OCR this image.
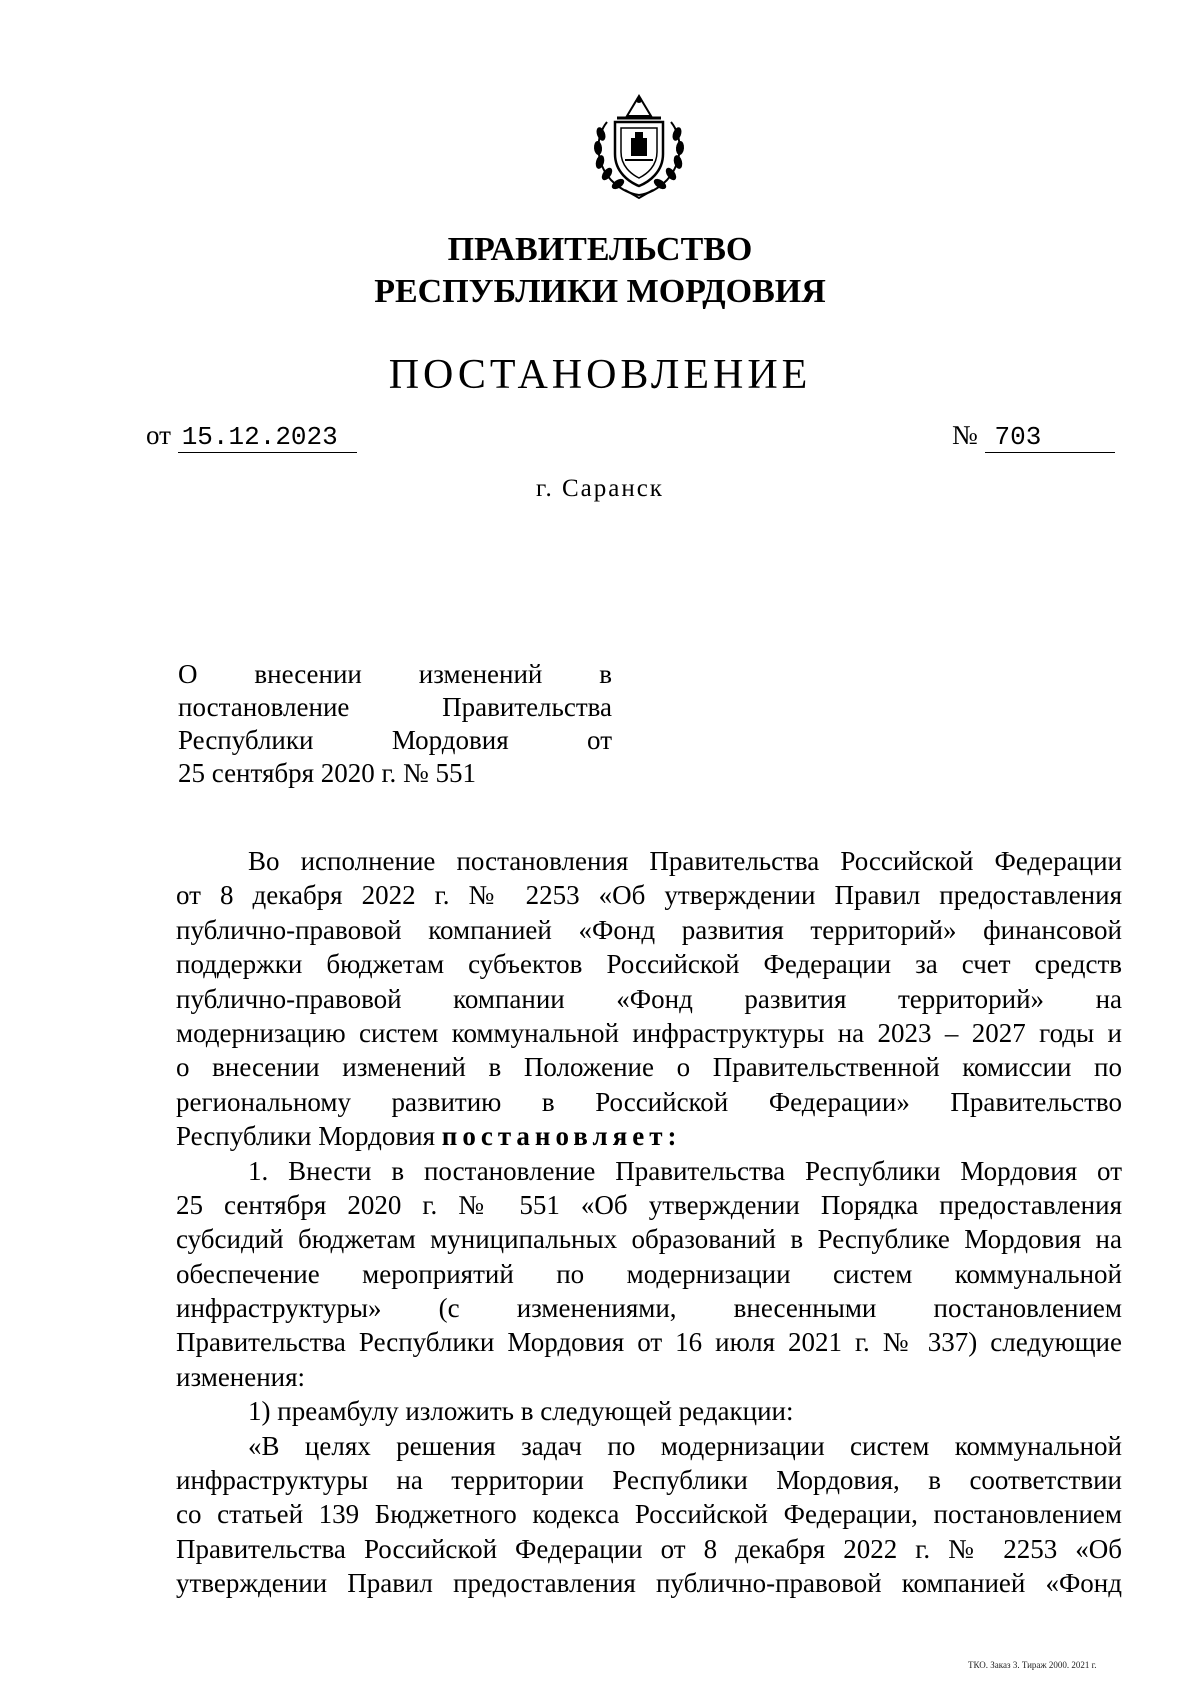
ПРАВИТЕЛЬСТВО
РЕСПУБЛИКИ МОРДОВИЯ
ПОСТАНОВЛЕНИЕ
от 15.12.2023	№ 703
г. Саранск
О внесении изменений в
постановление Правительства
Республики Мордовия от
25 сентября 2020 г. № 551
Во исполнение постановления Правительства Российской Федерации
от 8 декабря 2022 г. № 2253 «Об утверждении Правил предоставления
публично-правовой компанией «Фонд развития территорий» финансовой
поддержки бюджетам субъектов Российской Федерации за счет средств
публично-правовой компании «Фонд развития территорий» на
модернизацию систем коммунальной инфраструктуры на 2023 – 2027 годы и
о внесении изменений в Положение о Правительственной комиссии по
региональному развитию в Российской Федерации» Правительство
Республики Мордовия постановляет:
1. Внести в постановление Правительства Республики Мордовия от
25 сентября 2020 г. № 551 «Об утверждении Порядка предоставления
субсидий бюджетам муниципальных образований в Республике Мордовия на
обеспечение мероприятий по модернизации систем коммунальной
инфраструктуры» (с изменениями, внесенными постановлением
Правительства Республики Мордовия от 16 июля 2021 г. № 337) следующие
изменения:
1) преамбулу изложить в следующей редакции:
«В целях решения задач по модернизации систем коммунальной
инфраструктуры на территории Республики Мордовия, в соответствии
со статьей 139 Бюджетного кодекса Российской Федерации, постановлением
Правительства Российской Федерации от 8 декабря 2022 г. № 2253 «Об
утверждении Правил предоставления публично-правовой компанией «Фонд
ТКО. Заказ 3. Тираж 2000. 2021 г.
